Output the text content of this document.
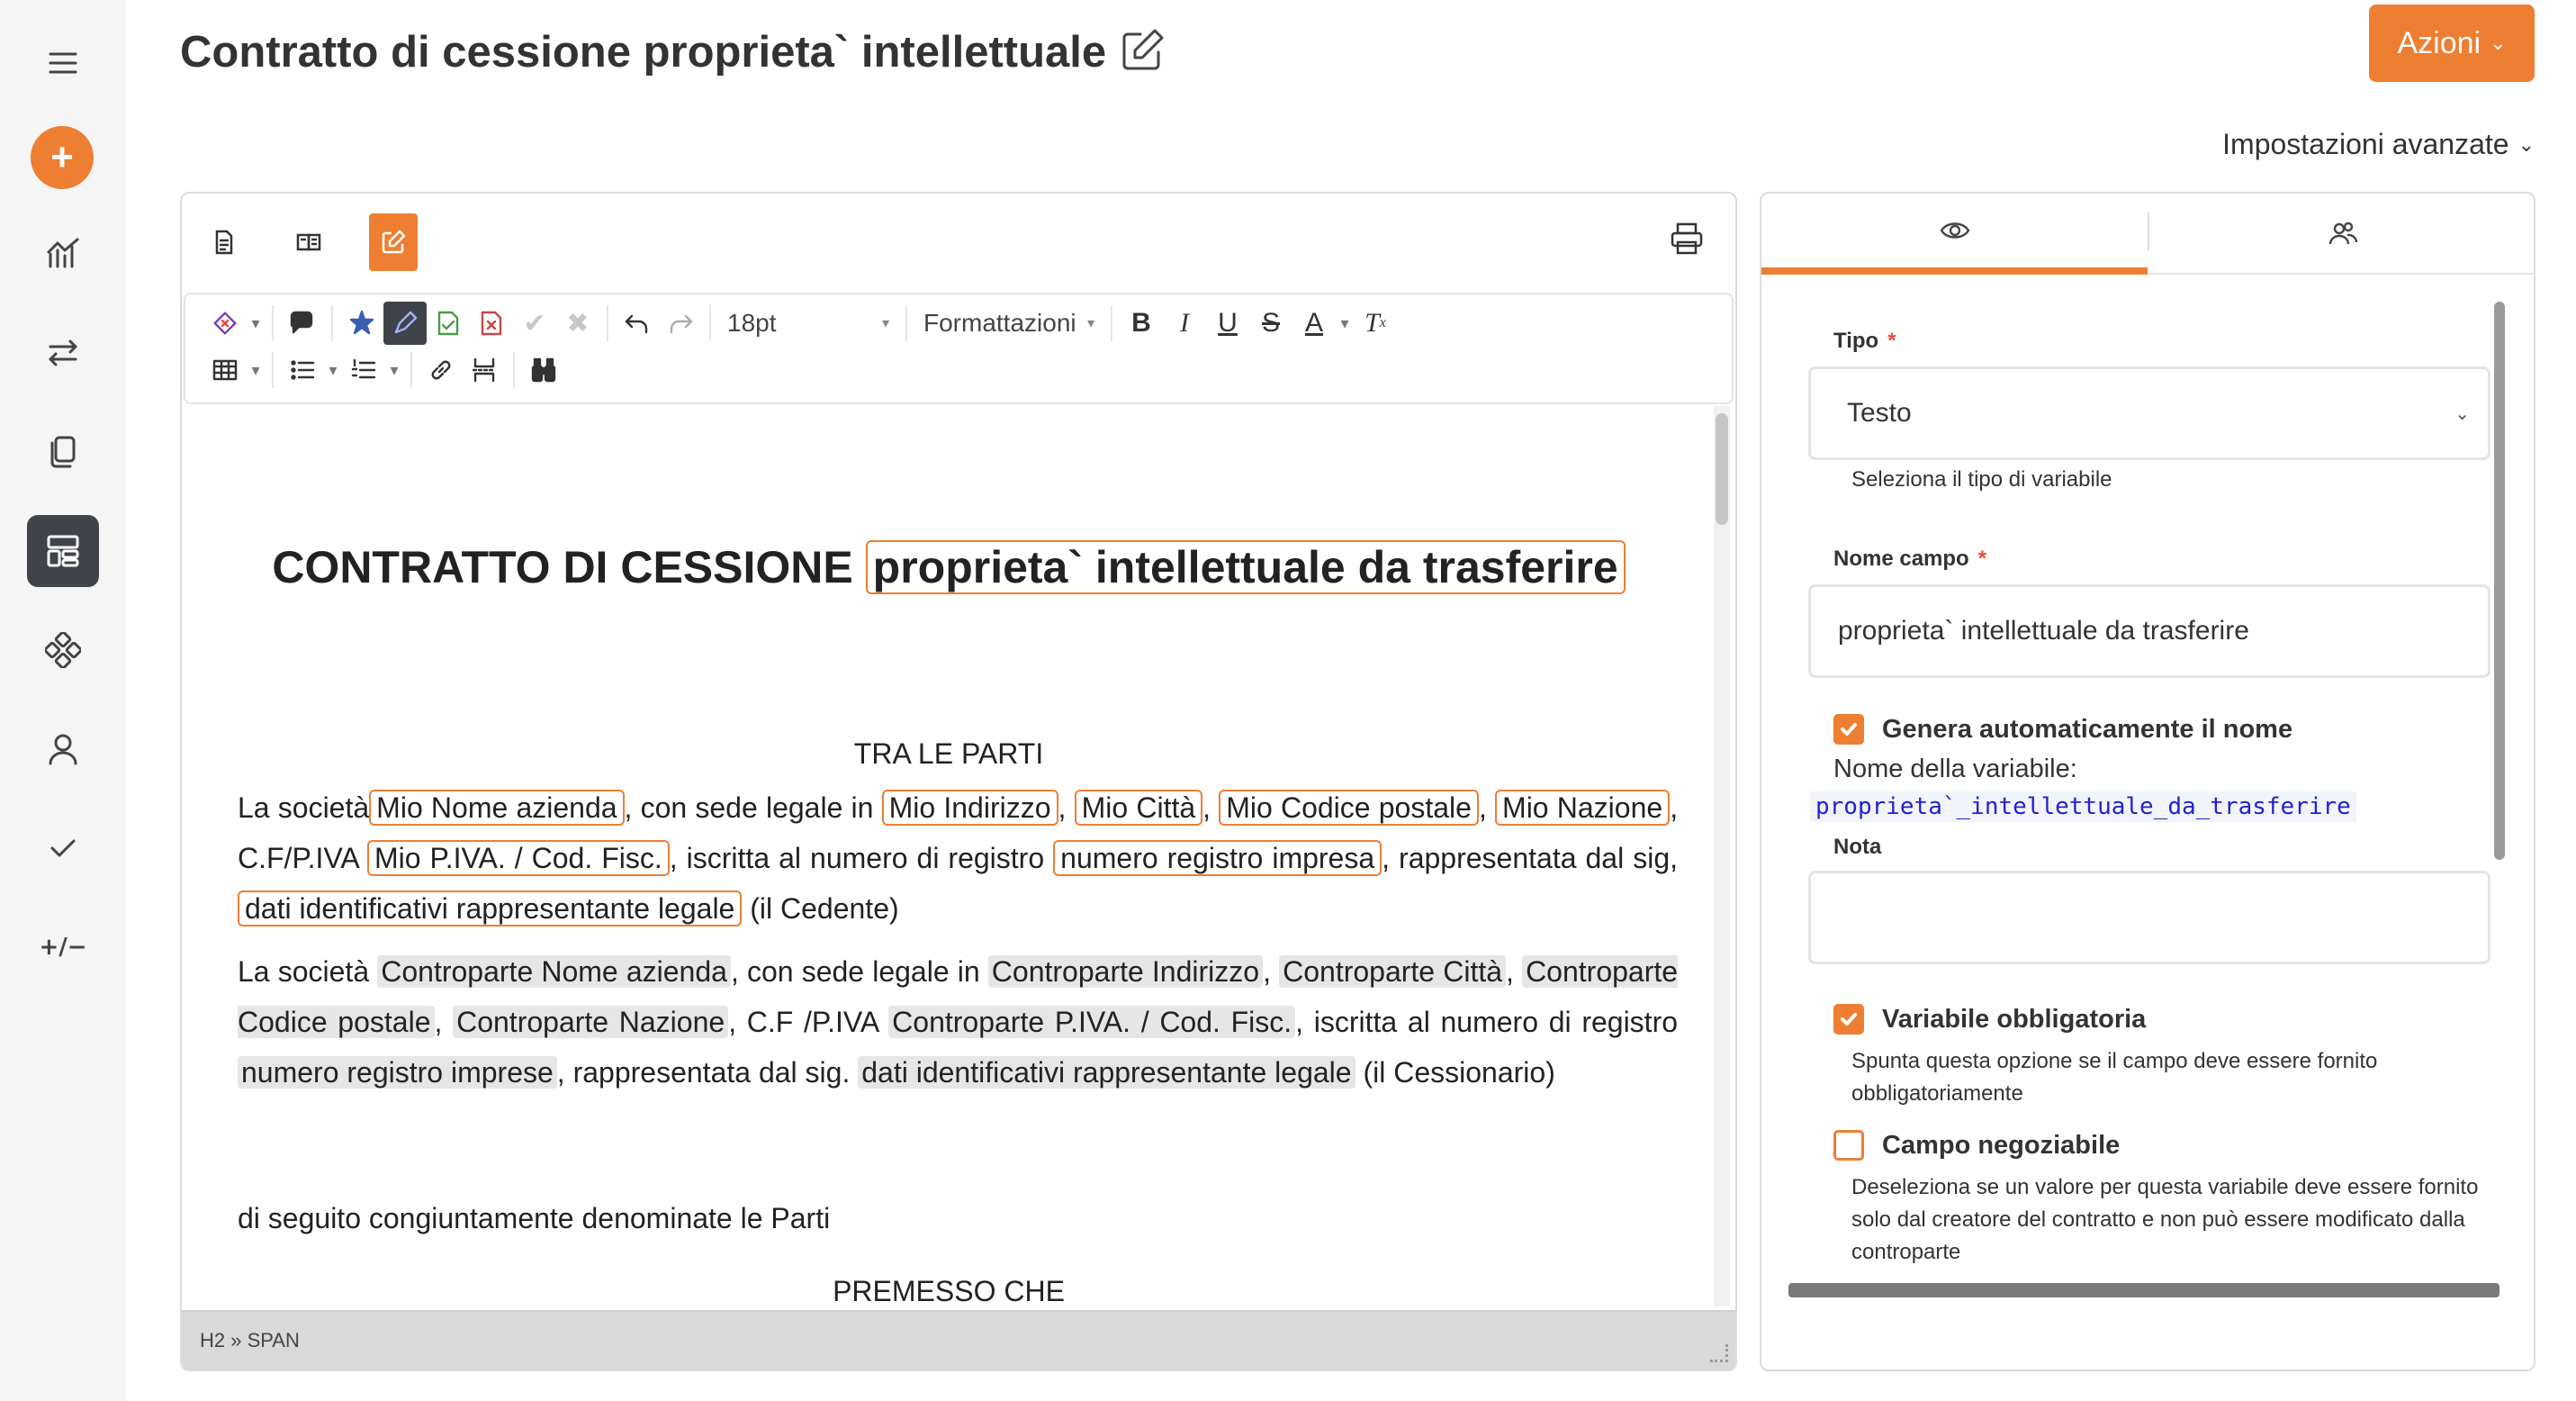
+
+/−
Contratto di cessione proprieta` intellettuale	Azioni ⌄
Impostazioni avanzate ⌄
▾	✔ ✖	18pt	▾ Formattazioni ▾	B	I	U S A	▾ T x
▾	▾	▾
CONTRATTO DI CESSIONE proprieta` intellettuale da trasferire
TRA LE PARTI

La società Mio Nome azienda , con sede legale in Mio Indirizzo , Mio Città , Mio Codice postale , Mio Nazione , C.F/P.IVA Mio P.IVA. / Cod. Fisc. , iscritta al numero di registro numero registro impresa , rappresentata dal sig, dati identificativi rappresentante legale (il Cedente)

La società Controparte Nome azienda , con sede legale in Controparte Indirizzo , Controparte Città , Controparte Codice postale , Controparte Nazione , C.F /P.IVA Controparte P.IVA. / Cod. Fisc. , iscritta al numero di registro numero registro imprese , rappresentata dal sig. dati identificativi rappresentante legale (il Cessionario)

di seguito congiuntamente denominate le Parti

PREMESSO CHE
H2 » SPAN
Tipo *
Testo	⌄
Seleziona il tipo di variabile
Nome campo *
proprieta` intellettuale da trasferire
Genera automaticamente il nome
Nome della variabile:
proprieta`_intellettuale_da_trasferire
Nota
Variabile obbligatoria
Spunta questa opzione se il campo deve essere fornito obbligatoriamente
Campo negoziabile
Deseleziona se un valore per questa variabile deve essere fornito solo dal creatore del contratto e non può essere modificato dalla controparte
